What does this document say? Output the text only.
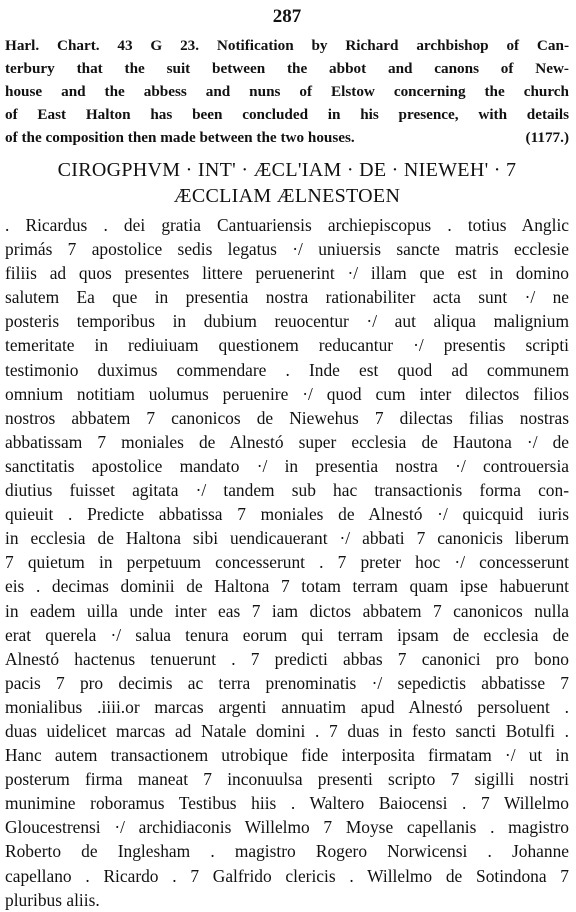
287
Harl. Chart. 43 G 23. Notification by Richard archbishop of Can-
terbury that the suit between the abbot and canons of New-
house and the abbess and nuns of Elstow concerning the church
of East Halton has been concluded in his presence, with details
of the composition then made between the two houses.	(1177.)
CIROGPHVM · INT' · ÆCL'IAM · DE · NIEWEH' · 7
ÆCCLIAM ÆLNESTOEN
. Ricardus . dei gratia Cantuariensis archiepiscopus . totius Anglic
primás 7 apostolice sedis legatus ·/ uniuersis sancte matris ecclesie
filiis ad quos presentes littere peruenerint ·/ illam que est in domino
salutem Ea que in presentia nostra rationabiliter acta sunt ·/ ne
posteris temporibus in dubium reuocentur ·/ aut aliqua malignium
temeritate in rediuiuam questionem reducantur ·/ presentis scripti
testimonio duximus commendare . Inde est quod ad communem
omnium notitiam uolumus peruenire ·/ quod cum inter dilectos filios
nostros abbatem 7 canonicos de Niewehus 7 dilectas filias nostras
abbatissam 7 moniales de Alnestó super ecclesia de Hautona ·/ de
sanctitatis apostolice mandato ·/ in presentia nostra ·/ controuersia
diutius fuisset agitata ·/ tandem sub hac transactionis forma con-
quieuit . Predicte abbatissa 7 moniales de Alnestó ·/ quicquid iuris
in ecclesia de Haltona sibi uendicauerant ·/ abbati 7 canonicis liberum
7 quietum in perpetuum concesserunt . 7 preter hoc ·/ concesserunt
eis . decimas dominii de Haltona 7 totam terram quam ipse habuerunt
in eadem uilla unde inter eas 7 iam dictos abbatem 7 canonicos nulla
erat querela ·/ salua tenura eorum qui terram ipsam de ecclesia de
Alnestó hactenus tenuerunt . 7 predicti abbas 7 canonici pro bono
pacis 7 pro decimis ac terra prenominatis ·/ sepedictis abbatisse 7
monialibus .iiii.or marcas argenti annuatim apud Alnestó persoluent .
duas uidelicet marcas ad Natale domini . 7 duas in festo sancti Botulfi .
Hanc autem transactionem utrobique fide interposita firmatam ·/ ut in
posterum firma maneat 7 inconuulsa presenti scripto 7 sigilli nostri
munimine roboramus Testibus hiis . Waltero Baiocensi . 7 Willelmo
Gloucestrensi ·/ archidiaconis Willelmo 7 Moyse capellanis . magistro
Roberto de Inglesham . magistro Rogero Norwicensi . Johanne
capellano . Ricardo . 7 Galfrido clericis . Willelmo de Sotindona 7
pluribus aliis.
